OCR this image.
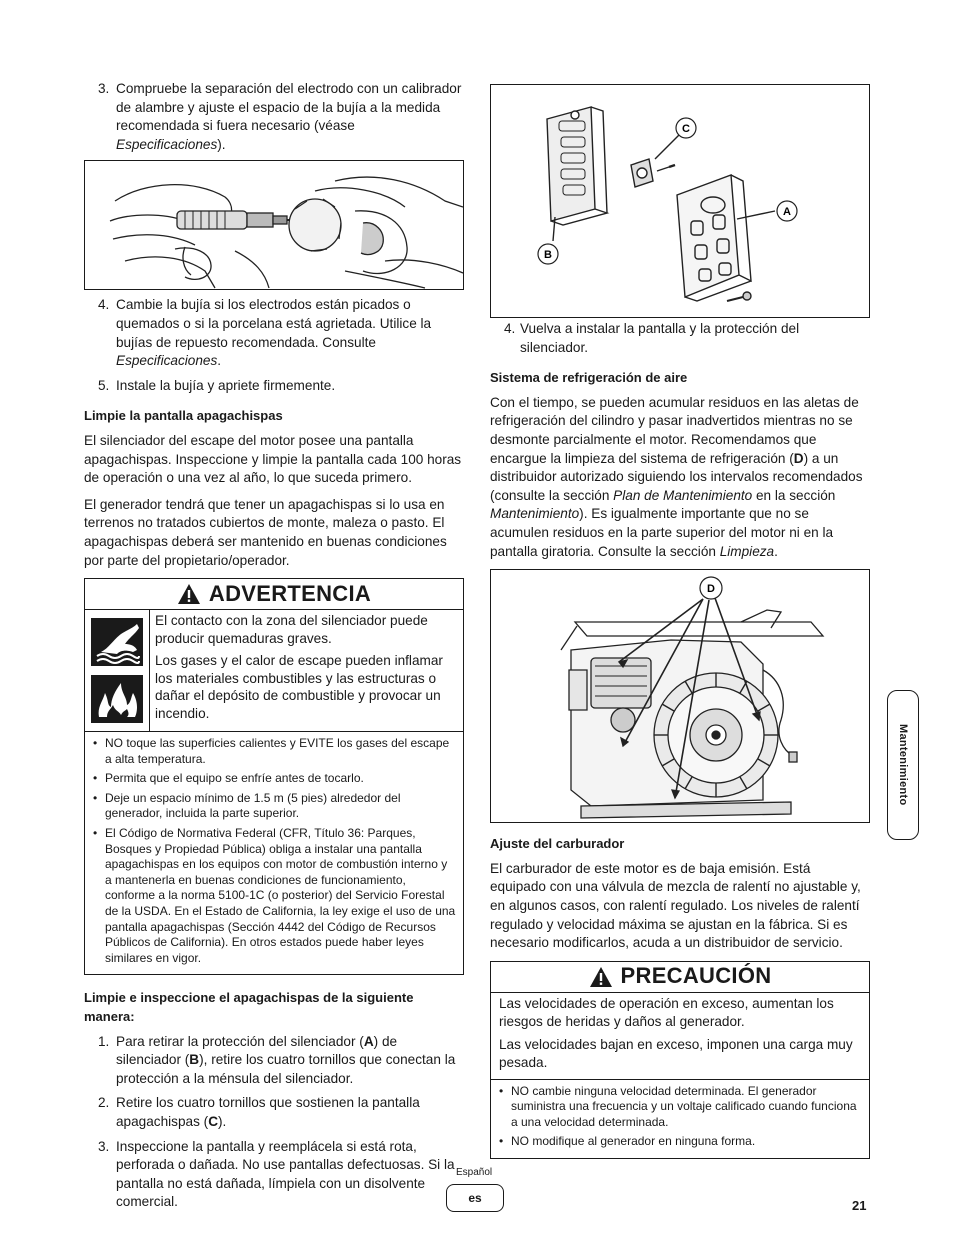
3. Compruebe la separación del electrodo con un calibrador de alambre y ajuste el espacio de la bujía a la medida recomendada si fuera necesario (véase Especificaciones).
4. Cambie la bujía si los electrodos están picados o quemados o si la porcelana está agrietada. Utilice la bujías de repuesto recomendada. Consulte Especificaciones.
5. Instale la bujía y apriete firmemente.
Limpie la pantalla apagachispas

El silenciador del escape del motor posee una pantalla apagachispas. Inspeccione y limpie la pantalla cada 100 horas de operación o una vez al año, lo que suceda primero.

El generador tendrá que tener un apagachispas si lo usa en terrenos no tratados cubiertos de monte, maleza o pasto. El apagachispas deberá ser mantenido en buenas condiciones por parte del propietario/operador.

ADVERTENCIA

El contacto con la zona del silenciador puede producir quemaduras graves.

Los gases y el calor de escape pueden inflamar los materiales combustibles y las estructuras o dañar el depósito de combustible y provocar un incendio.

• NO toque las superficies calientes y EVITE los gases del escape a alta temperatura.
• Permita que el equipo se enfríe antes de tocarlo.
• Deje un espacio mínimo de 1.5 m (5 pies) alrededor del generador, incluida la parte superior.
• El Código de Normativa Federal (CFR, Título 36: Parques, Bosques y Propiedad Pública) obliga a instalar una pantalla apagachispas en los equipos con motor de combustión interno y a mantenerla en buenas condiciones de funcionamiento, conforme a la norma 5100-1C (o posterior) del Servicio Forestal de la USDA. En el Estado de California, la ley exige el uso de una pantalla apagachispas (Sección 4442 del Código de Recursos Públicos de California). En otros estados puede haber leyes similares en vigor.
Limpie e inspeccione el apagachispas de la siguiente manera:
1. Para retirar la protección del silenciador (A) de silenciador (B), retire los cuatro tornillos que conectan la protección a la ménsula del silenciador.
2. Retire los cuatro tornillos que sostienen la pantalla apagachispas (C).
3. Inspeccione la pantalla y reemplácela si está rota, perforada o dañada. No use pantallas defectuosas. Si la pantalla no está dañada, límpiela con un disolvente comercial.
C
A
B
4. Vuelva a instalar la pantalla y la protección del silenciador.
Sistema de refrigeración de aire

Con el tiempo, se pueden acumular residuos en las aletas de refrigeración del cilindro y pasar inadvertidos mientras no se desmonte parcialmente el motor. Recomendamos que encargue la limpieza del sistema de refrigeración (D) a un distribuidor autorizado siguiendo los intervalos recomendados (consulte la sección Plan de Mantenimiento en la sección Mantenimiento). Es igualmente importante que no se acumulen residuos en la parte superior del motor ni en la pantalla giratoria. Consulte la sección Limpieza.

D
Ajuste del carburador

El carburador de este motor es de baja emisión. Está equipado con una válvula de mezcla de ralentí no ajustable y, en algunos casos, con ralentí regulado. Los niveles de ralentí regulado y velocidad máxima se ajustan en la fábrica. Si es necesario modificarlos, acuda a un distribuidor de servicio.

PRECAUCIÓN

Las velocidades de operación en exceso, aumentan los riesgos de heridas y daños al generador.

Las velocidades bajan en exceso, imponen una carga muy pesada.

• NO cambie ninguna velocidad determinada. El generador suministra una frecuencia y un voltaje calificado cuando funciona a una velocidad determinada.
• NO modifique al generador en ninguna forma.
Mantenimiento
Español
es	21
